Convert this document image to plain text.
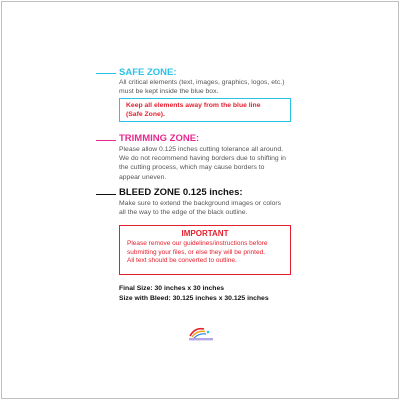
SAFE ZONE:
All critical elements (text, images, graphics, logos, etc.)
must be kept inside the blue box.
Keep all elements away from the blue line
(Safe Zone).
TRIMMING ZONE:
Please allow 0.125 inches cutting tolerance all around.
We do not recommend having borders due to shifting in
the cutting process, which may cause borders to
appear uneven.
BLEED ZONE 0.125 inches:
Make sure to extend the background images or colors
all the way to the edge of the black outline.
IMPORTANT
Please remove our guidelines/instructions before
submitting your files, or else they will be printed.
All text should be converted to outline.
Final Size: 30 inches x 30 inches
Size with Bleed: 30.125 inches x 30.125 inches
